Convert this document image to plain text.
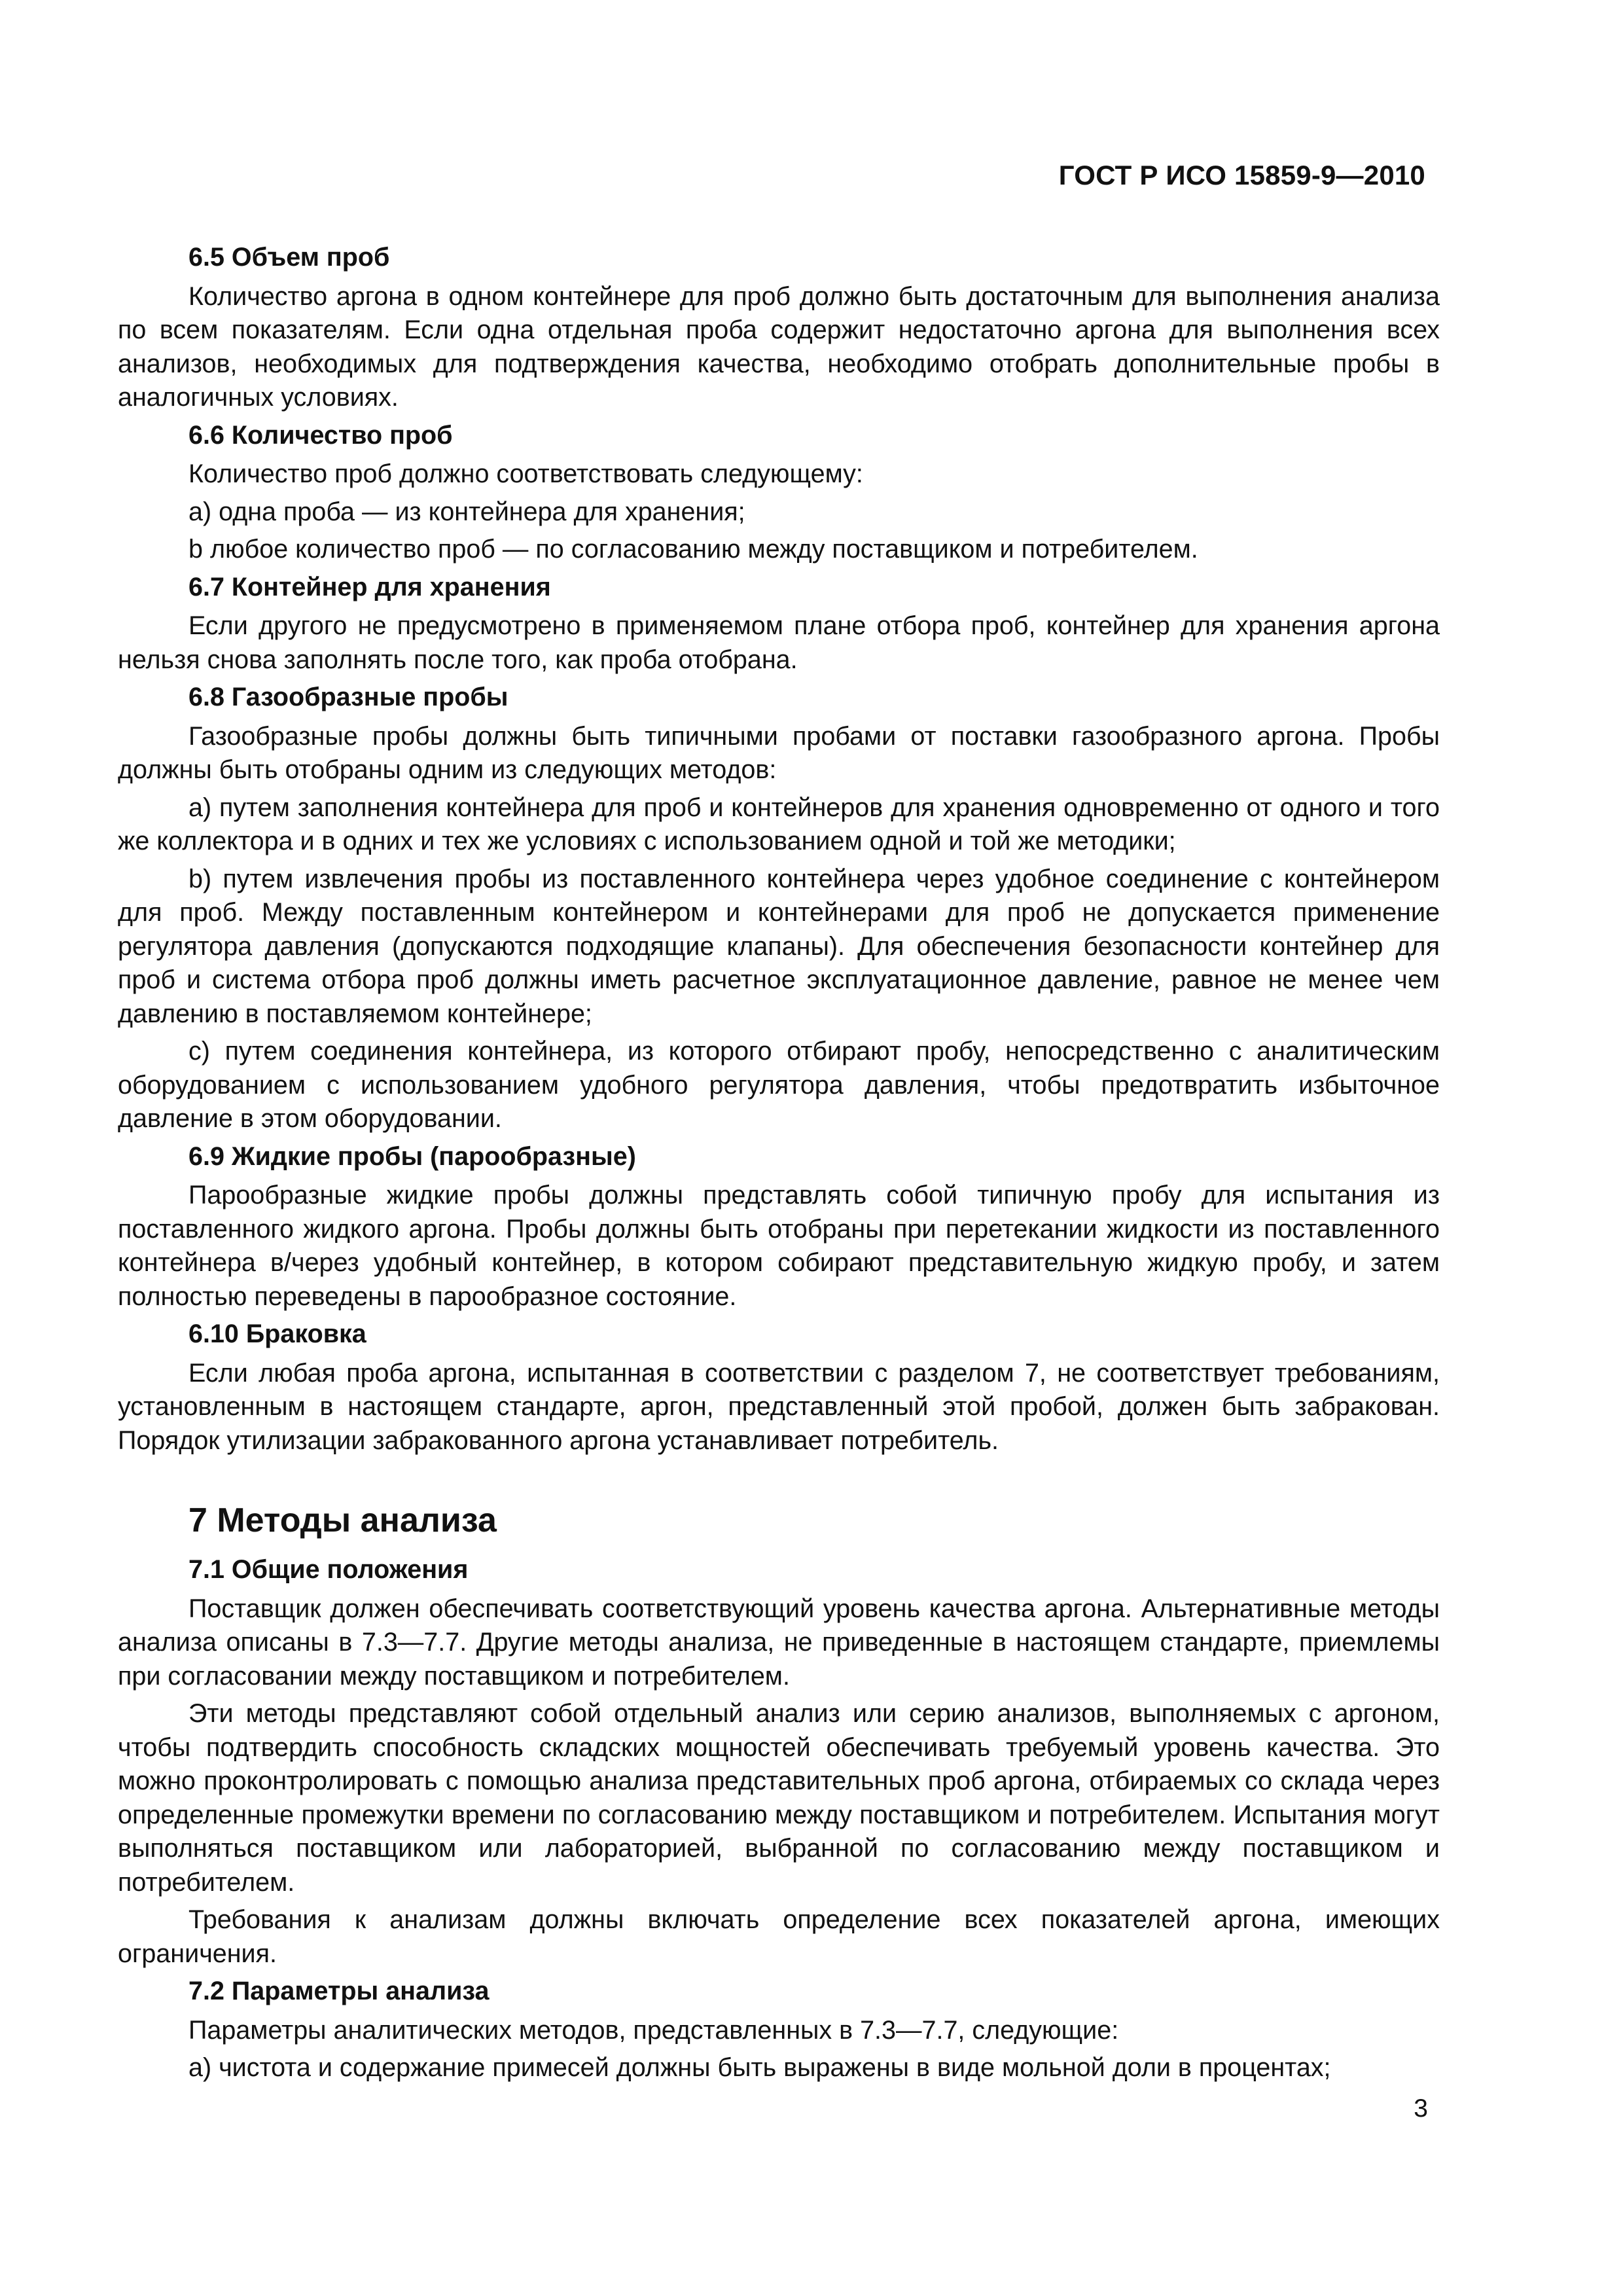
ГОСТ Р ИСО 15859-9—2010
6.5 Объем проб

Количество аргона в одном контейнере для проб должно быть достаточным для выполнения анализа по всем показателям. Если одна отдельная проба содержит недостаточно аргона для выполнения всех анализов, необходимых для подтверждения качества, необходимо отобрать дополнительные пробы в аналогичных условиях.

6.6 Количество проб

Количество проб должно соответствовать следующему:

a) одна проба — из контейнера для хранения;

b любое количество проб — по согласованию между поставщиком и потребителем.

6.7 Контейнер для хранения

Если другого не предусмотрено в применяемом плане отбора проб, контейнер для хранения аргона нельзя снова заполнять после того, как проба отобрана.

6.8 Газообразные пробы

Газообразные пробы должны быть типичными пробами от поставки газообразного аргона. Пробы должны быть отобраны одним из следующих методов:

a) путем заполнения контейнера для проб и контейнеров для хранения одновременно от одного и того же коллектора и в одних и тех же условиях с использованием одной и той же методики;

b) путем извлечения пробы из поставленного контейнера через удобное соединение с контейнером для проб. Между поставленным контейнером и контейнерами для проб не допускается применение регулятора давления (допускаются подходящие клапаны). Для обеспечения безопасности контейнер для проб и система отбора проб должны иметь расчетное эксплуатационное давление, равное не менее чем давлению в поставляемом контейнере;

c) путем соединения контейнера, из которого отбирают пробу, непосредственно с аналитическим оборудованием с использованием удобного регулятора давления, чтобы предотвратить избыточное давление в этом оборудовании.

6.9 Жидкие пробы (парообразные)

Парообразные жидкие пробы должны представлять собой типичную пробу для испытания из поставленного жидкого аргона. Пробы должны быть отобраны при перетекании жидкости из поставленного контейнера в/через удобный контейнер, в котором собирают представительную жидкую пробу, и затем полностью переведены в парообразное состояние.

6.10 Браковка

Если любая проба аргона, испытанная в соответствии с разделом 7, не соответствует требованиям, установленным в настоящем стандарте, аргон, представленный этой пробой, должен быть забракован. Порядок утилизации забракованного аргона устанавливает потребитель.

7 Методы анализа
7.1 Общие положения

Поставщик должен обеспечивать соответствующий уровень качества аргона. Альтернативные методы анализа описаны в 7.3—7.7. Другие методы анализа, не приведенные в настоящем стандарте, приемлемы при согласовании между поставщиком и потребителем.

Эти методы представляют собой отдельный анализ или серию анализов, выполняемых с аргоном, чтобы подтвердить способность складских мощностей обеспечивать требуемый уровень качества. Это можно проконтролировать с помощью анализа представительных проб аргона, отбираемых со склада через определенные промежутки времени по согласованию между поставщиком и потребителем. Испытания могут выполняться поставщиком или лабораторией, выбранной по согласованию между поставщиком и потребителем.

Требования к анализам должны включать определение всех показателей аргона, имеющих ограничения.

7.2 Параметры анализа

Параметры аналитических методов, представленных в 7.3—7.7, следующие:

a) чистота и содержание примесей должны быть выражены в виде мольной доли в процентах;

3
